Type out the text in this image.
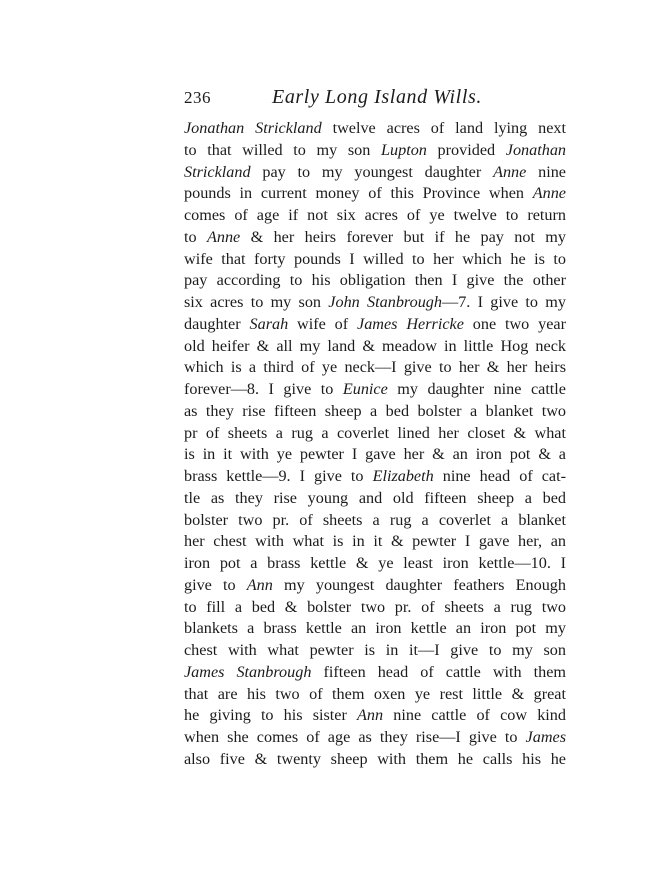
236	Early Long Island Wills.
Jonathan Strickland twelve acres of land lying next
to that willed to my son Lupton provided Jonathan
Strickland pay to my youngest daughter Anne nine
pounds in current money of this Province when Anne
comes of age if not six acres of ye twelve to return
to Anne & her heirs forever but if he pay not my
wife that forty pounds I willed to her which he is to
pay according to his obligation then I give the other
six acres to my son John Stanbrough—7. I give to my
daughter Sarah wife of James Herricke one two year
old heifer & all my land & meadow in little Hog neck
which is a third of ye neck—I give to her & her heirs
forever—8. I give to Eunice my daughter nine cattle
as they rise fifteen sheep a bed bolster a blanket two
pr of sheets a rug a coverlet lined her closet & what
is in it with ye pewter I gave her & an iron pot & a
brass kettle—9. I give to Elizabeth nine head of cat-
tle as they rise young and old fifteen sheep a bed
bolster two pr. of sheets a rug a coverlet a blanket
her chest with what is in it & pewter I gave her, an
iron pot a brass kettle & ye least iron kettle—10. I
give to Ann my youngest daughter feathers Enough
to fill a bed & bolster two pr. of sheets a rug two
blankets a brass kettle an iron kettle an iron pot my
chest with what pewter is in it—I give to my son
James Stanbrough fifteen head of cattle with them
that are his two of them oxen ye rest little & great
he giving to his sister Ann nine cattle of cow kind
when she comes of age as they rise—I give to James
also five & twenty sheep with them he calls his he
